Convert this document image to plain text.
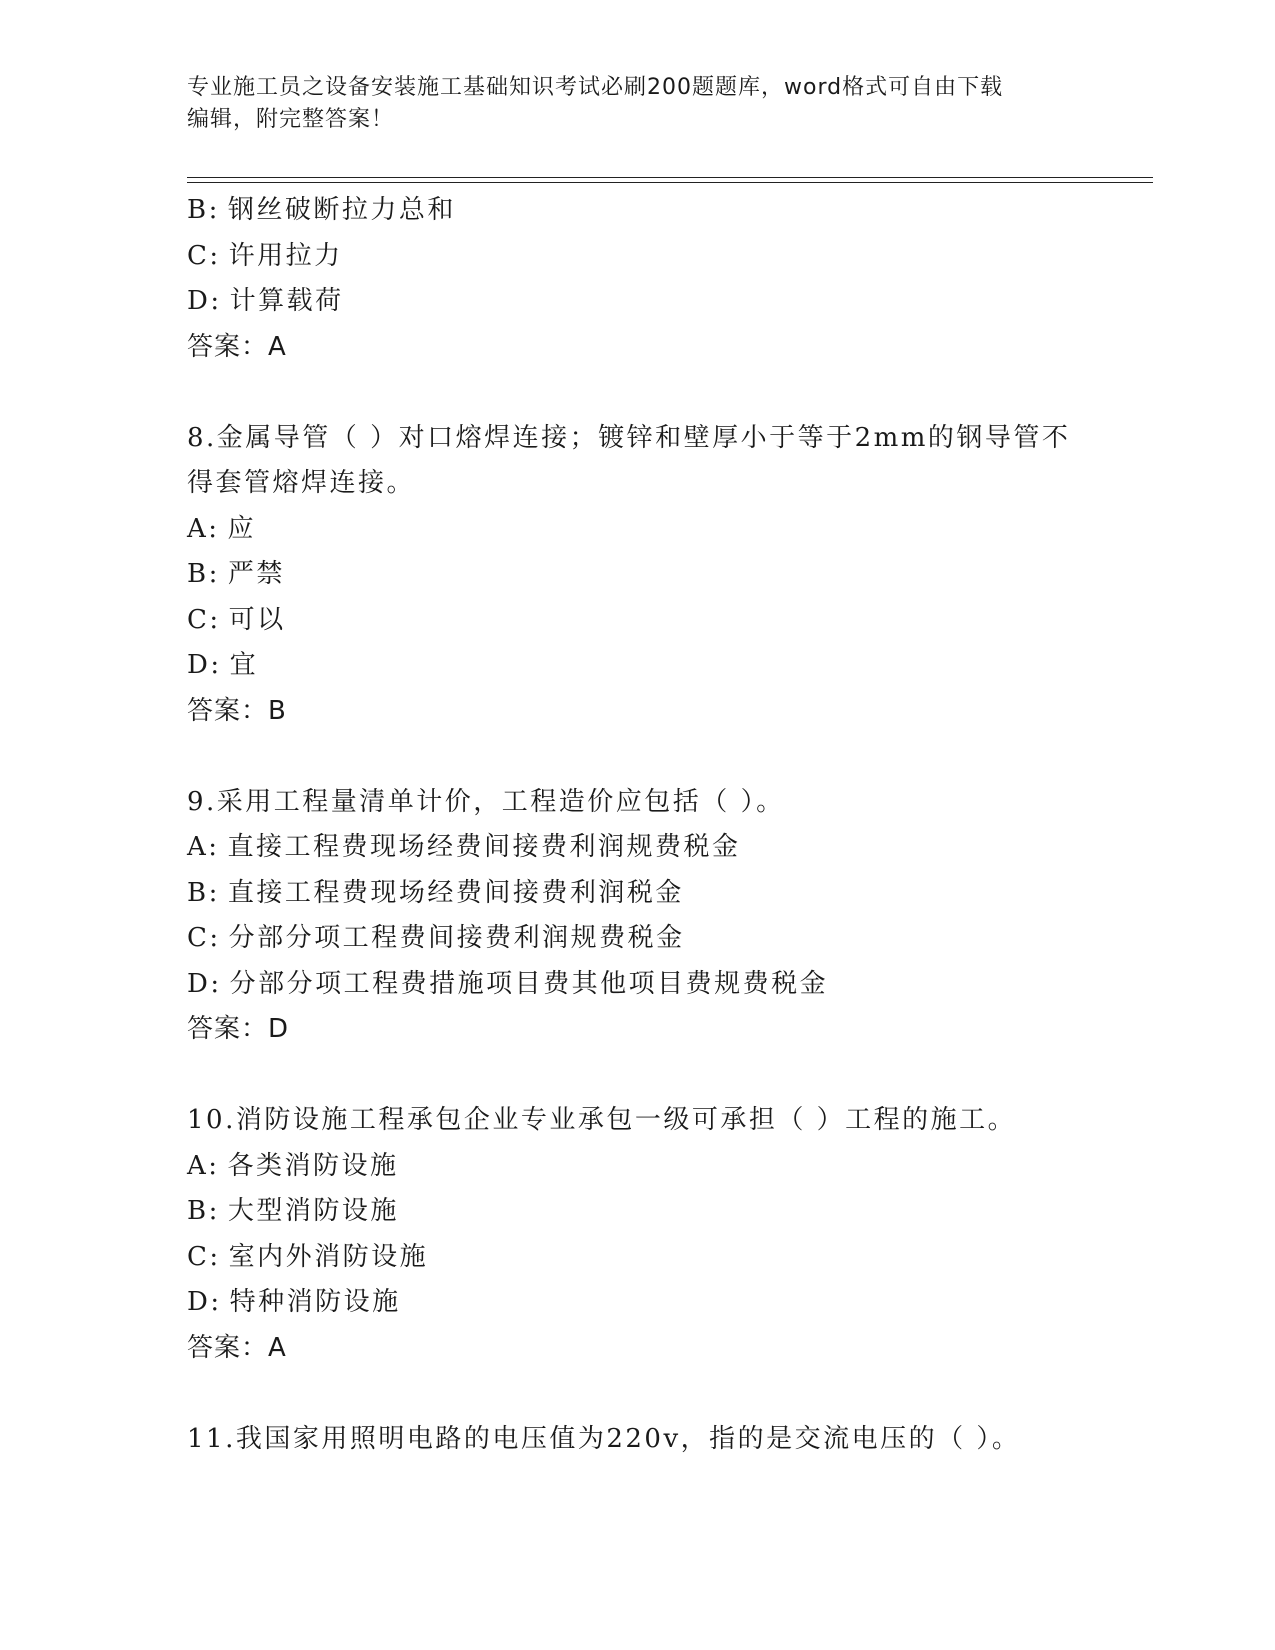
专业施工员之设备安装施工基础知识考试必刷200题题库，word格式可自由下载
编辑，附完整答案！
B: 钢丝破断拉力总和
C: 许用拉力
D: 计算载荷
答案：A
8.金属导管（ ）对口熔焊连接；镀锌和壁厚小于等于2mm的钢导管不
得套管熔焊连接。
A: 应
B: 严禁
C: 可以
D: 宜
答案：B
9.采用工程量清单计价，工程造价应包括（ ）。
A: 直接工程费现场经费间接费利润规费税金
B: 直接工程费现场经费间接费利润税金
C: 分部分项工程费间接费利润规费税金
D: 分部分项工程费措施项目费其他项目费规费税金
答案：D
10.消防设施工程承包企业专业承包一级可承担（ ）工程的施工。
A: 各类消防设施
B: 大型消防设施
C: 室内外消防设施
D: 特种消防设施
答案：A
11.我国家用照明电路的电压值为220v，指的是交流电压的（ ）。
